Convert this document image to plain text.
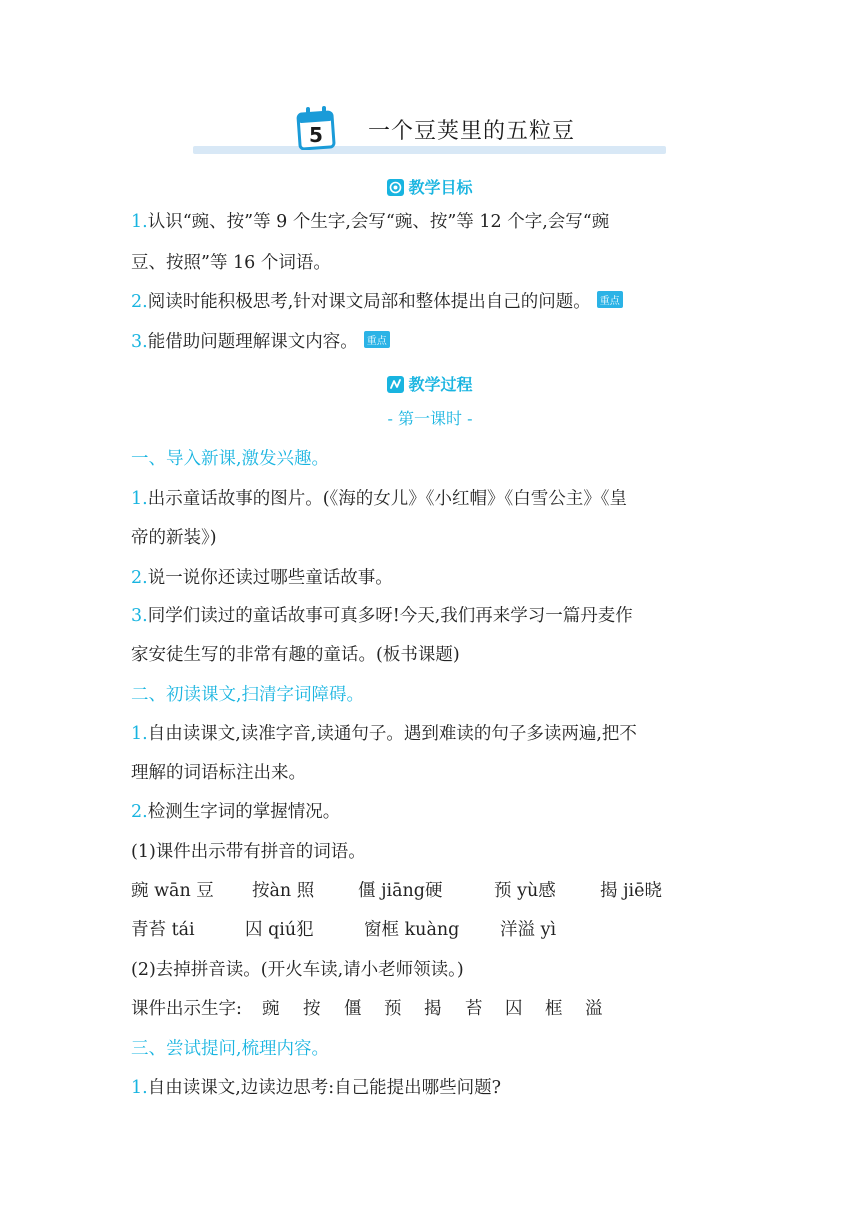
5 一个豆荚里的五粒豆
教学目标
1.认识“豌、按”等 9 个生字,会写“豌、按”等 12 个字,会写“豌
豆、按照”等 16 个词语。
2.阅读时能积极思考,针对课文局部和整体提出自己的问题。 重点
3.能借助问题理解课文内容。 重点
教学过程
- 第一课时 -
一、导入新课,激发兴趣。
1.出示童话故事的图片。(《海的女儿》《小红帽》《白雪公主》《皇
帝的新装》)
2.说一说你还读过哪些童话故事。
3.同学们读过的童话故事可真多呀!今天,我们再来学习一篇丹麦作
家安徒生写的非常有趣的童话。(板书课题)
二、初读课文,扫清字词障碍。
1.自由读课文,读准字音,读通句子。遇到难读的句子多读两遍,把不
理解的词语标注出来。
2.检测生字词的掌握情况。
(1)课件出示带有拼音的词语。
豌 wān 豆 按àn 照 僵 jiāng硬	预 yù感	揭 jiē晓
青苔 tái	囚 qiú犯	窗框 kuàng 洋溢 yì
(2)去掉拼音读。(开火车读,请小老师领读。)
课件出示生字: 豌 按 僵 预 揭 苔 囚 框 溢
三、尝试提问,梳理内容。
1.自由读课文,边读边思考:自己能提出哪些问题?
